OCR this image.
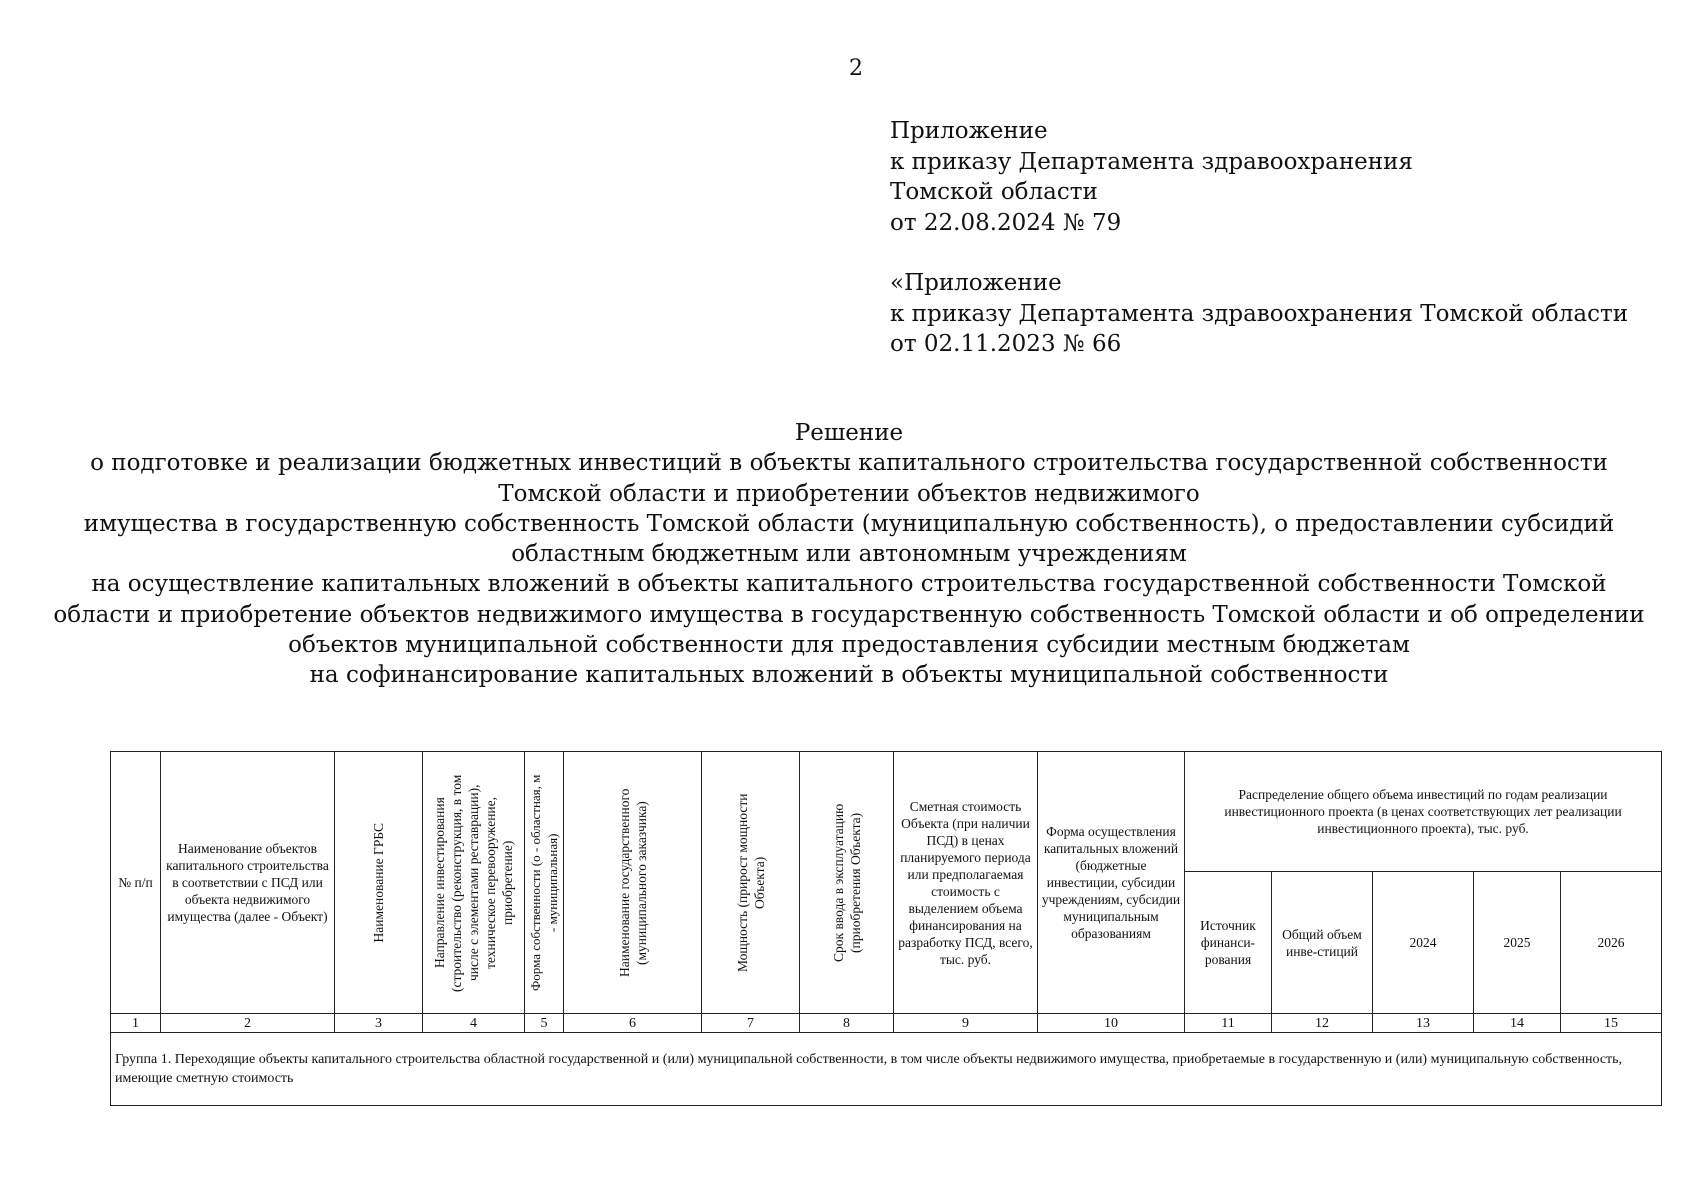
2
Приложение
к приказу Департамента здравоохранения
Томской области
от 22.08.2024 № 79
«Приложение
к приказу Департамента здравоохранения Томской области
от 02.11.2023 № 66
Решение
о подготовке и реализации бюджетных инвестиций в объекты капитального строительства государственной собственности
Томской области и приобретении объектов недвижимого
имущества в государственную собственность Томской области (муниципальную собственность), о предоставлении субсидий
областным бюджетным или автономным учреждениям
на осуществление капитальных вложений в объекты капитального строительства государственной собственности Томской
области и приобретение объектов недвижимого имущества в государственную собственность Томской области и об определении
объектов муниципальной собственности для предоставления субсидии местным бюджетам
на софинансирование капитальных вложений в объекты муниципальной собственности
№ п/п	Наименование объектов капитального строительства в соответствии с ПСД или объекта недвижимого имущества (далее - Объект)	Наименование ГРБС	Направление инвестирования (строительство (реконструкция, в том числе с элементами реставрации), техническое перевооружение, приобретение)	Форма собственности (о - областная, м - муниципальная)	Наименование государственного (муниципального заказчика)	Мощность (прирост мощности Объекта)	Срок ввода в эксплуатацию (приобретения Объекта)	Сметная стоимость Объекта (при наличии ПСД) в ценах планируемого периода или предполагаемая стоимость с выделением объема финансирования на разработку ПСД, всего, тыс. руб.	Форма осуществления капитальных вложений (бюджетные инвестиции, субсидии учреждениям, субсидии муниципальным образованиям	Распределение общего объема инвестиций по годам реализации инвестиционного проекта (в ценах соответствующих лет реализации инвестиционного проекта), тыс. руб.				
										Источник финанси-рования	Общий объем инве-стиций	2024	2025	2026
1	2	3	4	5	6	7	8	9	10	11	12	13	14	15
Группа 1. Переходящие объекты капитального строительства областной государственной и (или) муниципальной собственности, в том числе объекты недвижимого имущества, приобретаемые в государственную и (или) муниципальную собственность, имеющие сметную стоимость														
